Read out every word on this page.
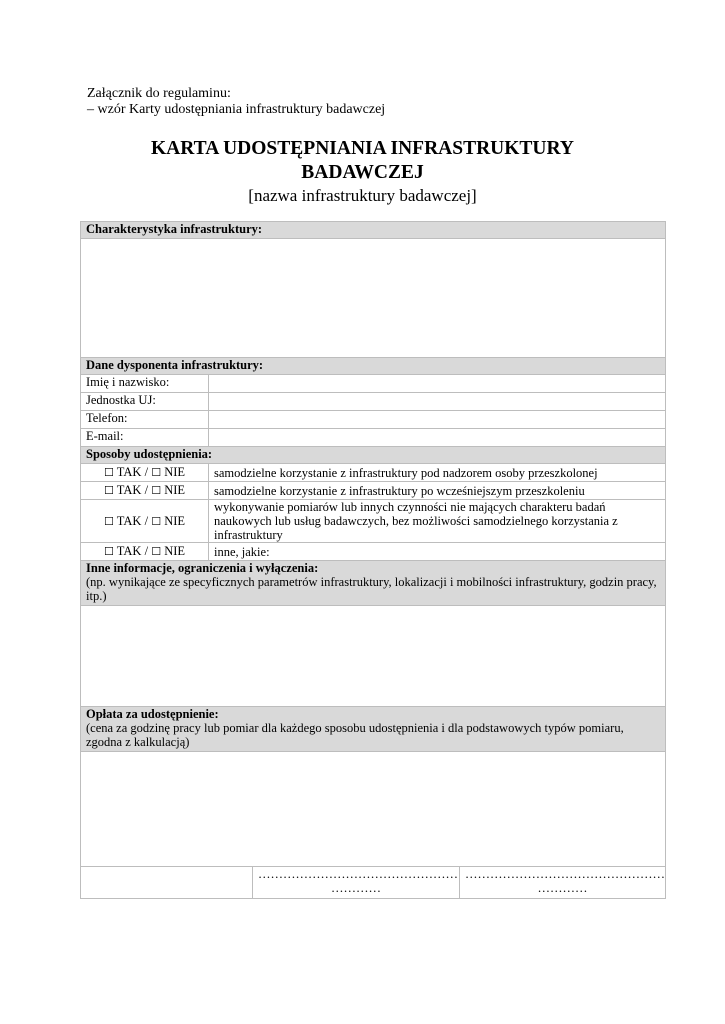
Załącznik do regulaminu:
– wzór Karty udostępniania infrastruktury badawczej
KARTA UDOSTĘPNIANIA INFRASTRUKTURY
BADAWCZEJ
[nazwa infrastruktury badawczej]
Charakterystyka infrastruktury:			

Dane dysponenta infrastruktury:			
Imię i nazwisko:			
Jednostka UJ:			
Telefon:			
E-mail:			
Sposoby udostępnienia:			
☐ TAK / ☐ NIE	samodzielne korzystanie z infrastruktury pod nadzorem osoby przeszkolonej		
☐ TAK / ☐ NIE	samodzielne korzystanie z infrastruktury po wcześniejszym przeszkoleniu		
☐ TAK / ☐ NIE	wykonywanie pomiarów lub innych czynności nie mających charakteru badań naukowych lub usług badawczych, bez możliwości samodzielnego korzystania z infrastruktury		
☐ TAK / ☐ NIE	inne, jakie:		

Inne informacje, ograniczenia i wyłączenia:
(np. wynikające ze specyficznych parametrów infrastruktury, lokalizacji i mobilności infrastruktury, godzin pracy, itp.)			

Opłata za udostępnienie:
(cena za godzinę pracy lub pomiar dla każdego sposobu udostępnienia i dla podstawowych typów pomiaru, zgodna z kalkulacją)			

		…………………………………………
…………	…………………………………………
…………
